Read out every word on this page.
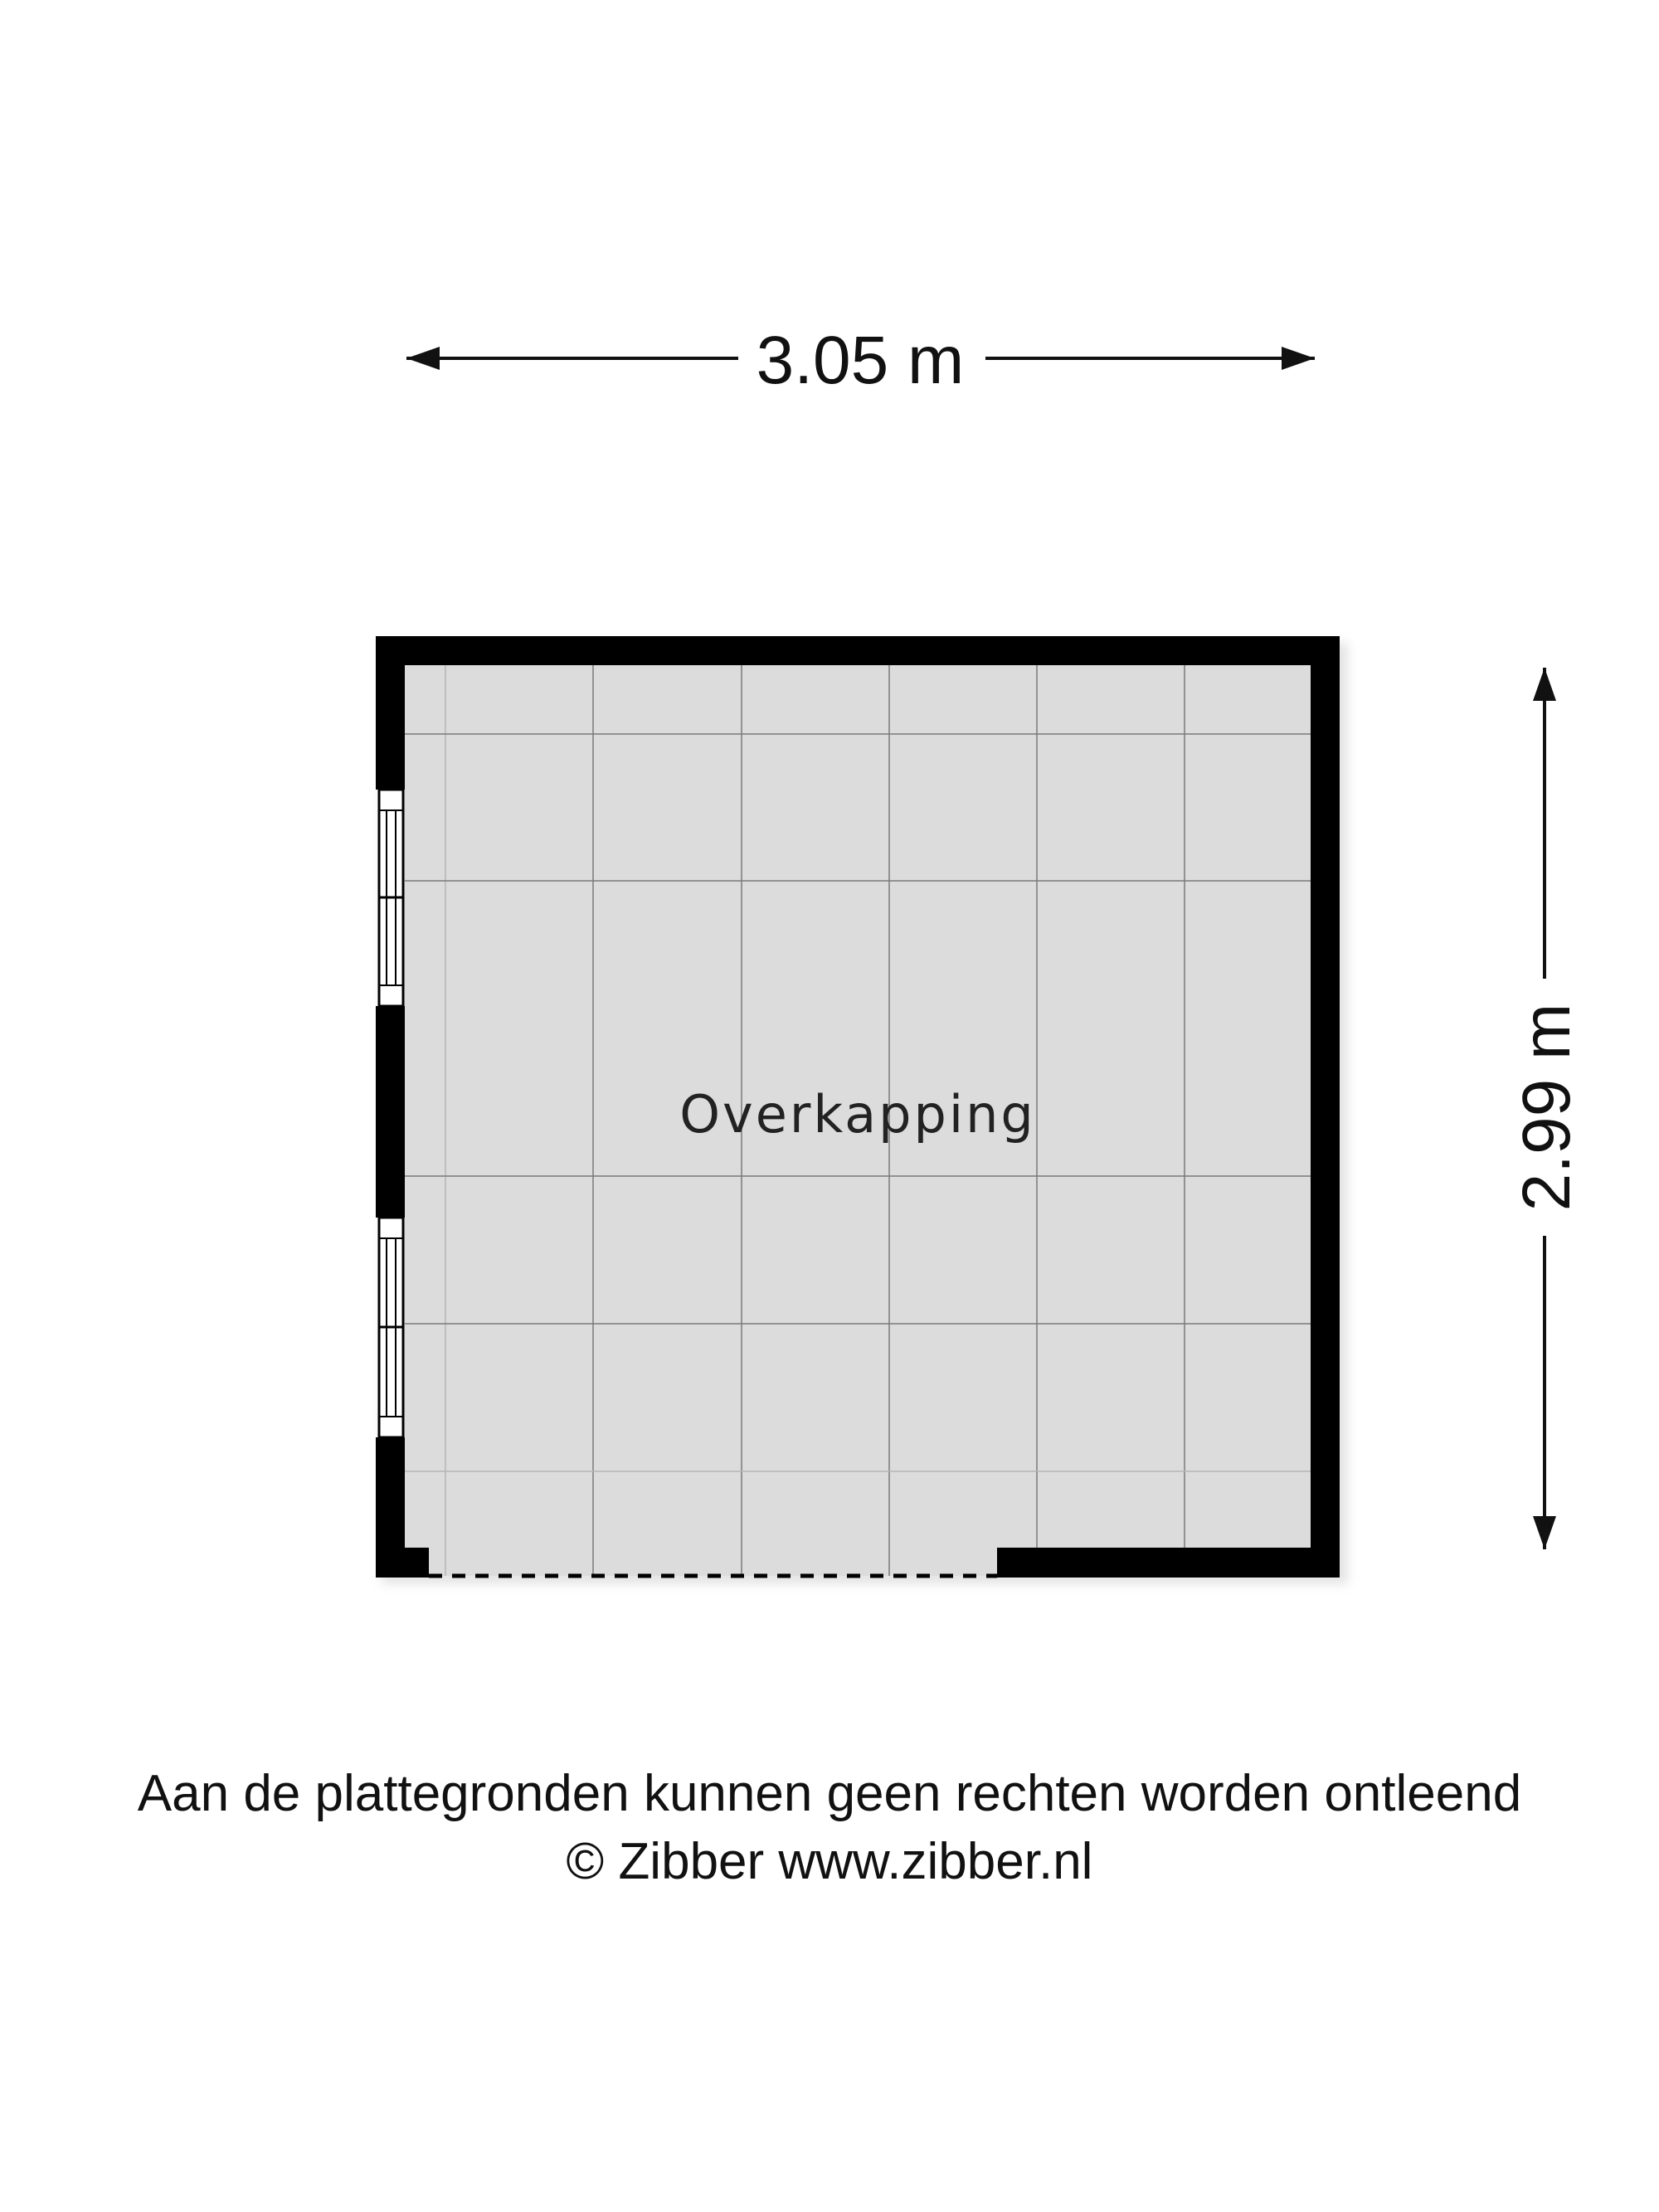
3.05 m
2.99 m
Overkapping
Aan de plattegronden kunnen geen rechten worden ontleend
© Zibber www.zibber.nl
